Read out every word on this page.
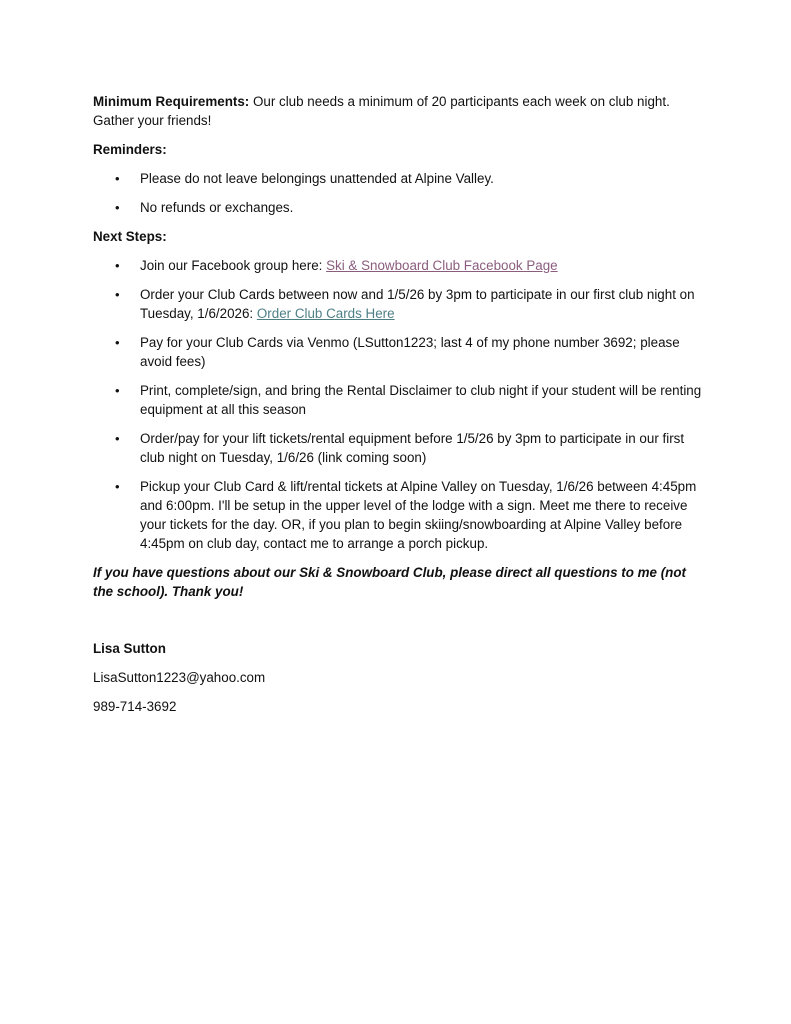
Minimum Requirements: Our club needs a minimum of 20 participants each week on club night. Gather your friends!

Reminders:

• Please do not leave belongings unattended at Alpine Valley.
• No refunds or exchanges.

Next Steps:

• Join our Facebook group here: Ski & Snowboard Club Facebook Page
• Order your Club Cards between now and 1/5/26 by 3pm to participate in our first club night on Tuesday, 1/6/2026: Order Club Cards Here
• Pay for your Club Cards via Venmo (LSutton1223; last 4 of my phone number 3692; please avoid fees)
• Print, complete/sign, and bring the Rental Disclaimer to club night if your student will be renting equipment at all this season
• Order/pay for your lift tickets/rental equipment before 1/5/26 by 3pm to participate in our first club night on Tuesday, 1/6/26 (link coming soon)
• Pickup your Club Card & lift/rental tickets at Alpine Valley on Tuesday, 1/6/26 between 4:45pm and 6:00pm. I'll be setup in the upper level of the lodge with a sign. Meet me there to receive your tickets for the day. OR, if you plan to begin skiing/snowboarding at Alpine Valley before 4:45pm on club day, contact me to arrange a porch pickup.

If you have questions about our Ski & Snowboard Club, please direct all questions to me (not the school). Thank you!

Lisa Sutton

LisaSutton1223@yahoo.com

989-714-3692
